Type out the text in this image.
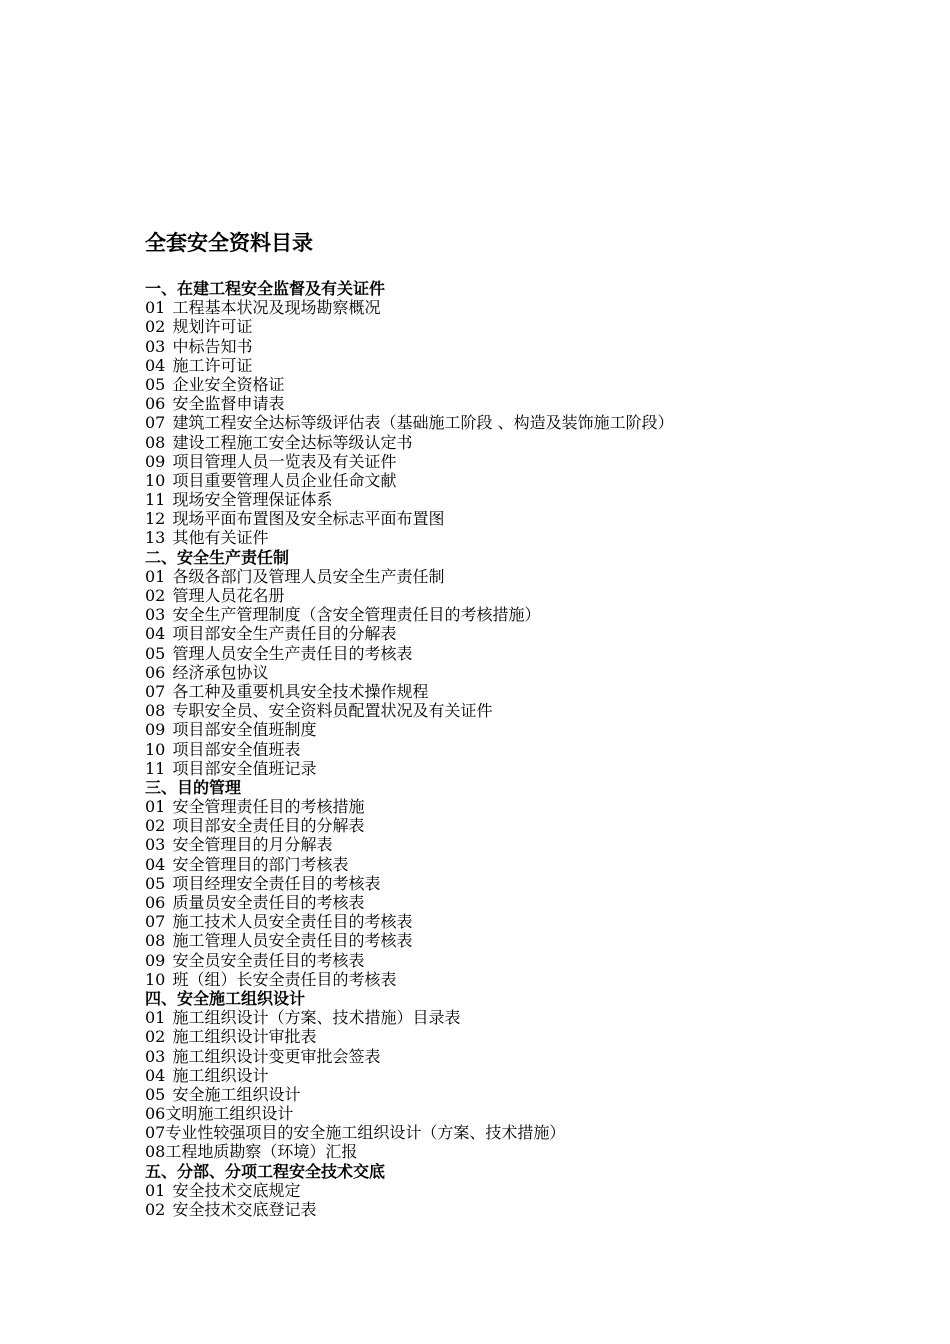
全套安全资料目录
一、在建工程安全监督及有关证件
01 工程基本状况及现场勘察概况
02 规划许可证
03 中标告知书
04 施工许可证
05 企业安全资格证
06 安全监督申请表
07 建筑工程安全达标等级评估表（基础施工阶段 、构造及装饰施工阶段）
08 建设工程施工安全达标等级认定书
09 项目管理人员一览表及有关证件
10 项目重要管理人员企业任命文献
11 现场安全管理保证体系
12 现场平面布置图及安全标志平面布置图
13 其他有关证件
二、安全生产责任制
01 各级各部门及管理人员安全生产责任制
02 管理人员花名册
03 安全生产管理制度（含安全管理责任目的考核措施）
04 项目部安全生产责任目的分解表
05 管理人员安全生产责任目的考核表
06 经济承包协议
07 各工种及重要机具安全技术操作规程
08 专职安全员、安全资料员配置状况及有关证件
09 项目部安全值班制度
10 项目部安全值班表
11 项目部安全值班记录
三、目的管理
01 安全管理责任目的考核措施
02 项目部安全责任目的分解表
03 安全管理目的月分解表
04 安全管理目的部门考核表
05 项目经理安全责任目的考核表
06 质量员安全责任目的考核表
07 施工技术人员安全责任目的考核表
08 施工管理人员安全责任目的考核表
09 安全员安全责任目的考核表
10 班（组）长安全责任目的考核表
四、安全施工组织设计
01 施工组织设计（方案、技术措施）目录表
02 施工组织设计审批表
03 施工组织设计变更审批会签表
04 施工组织设计
05 安全施工组织设计
06文明施工组织设计
07专业性较强项目的安全施工组织设计（方案、技术措施）
08工程地质勘察（环境）汇报
五、分部、分项工程安全技术交底
01 安全技术交底规定
02 安全技术交底登记表
